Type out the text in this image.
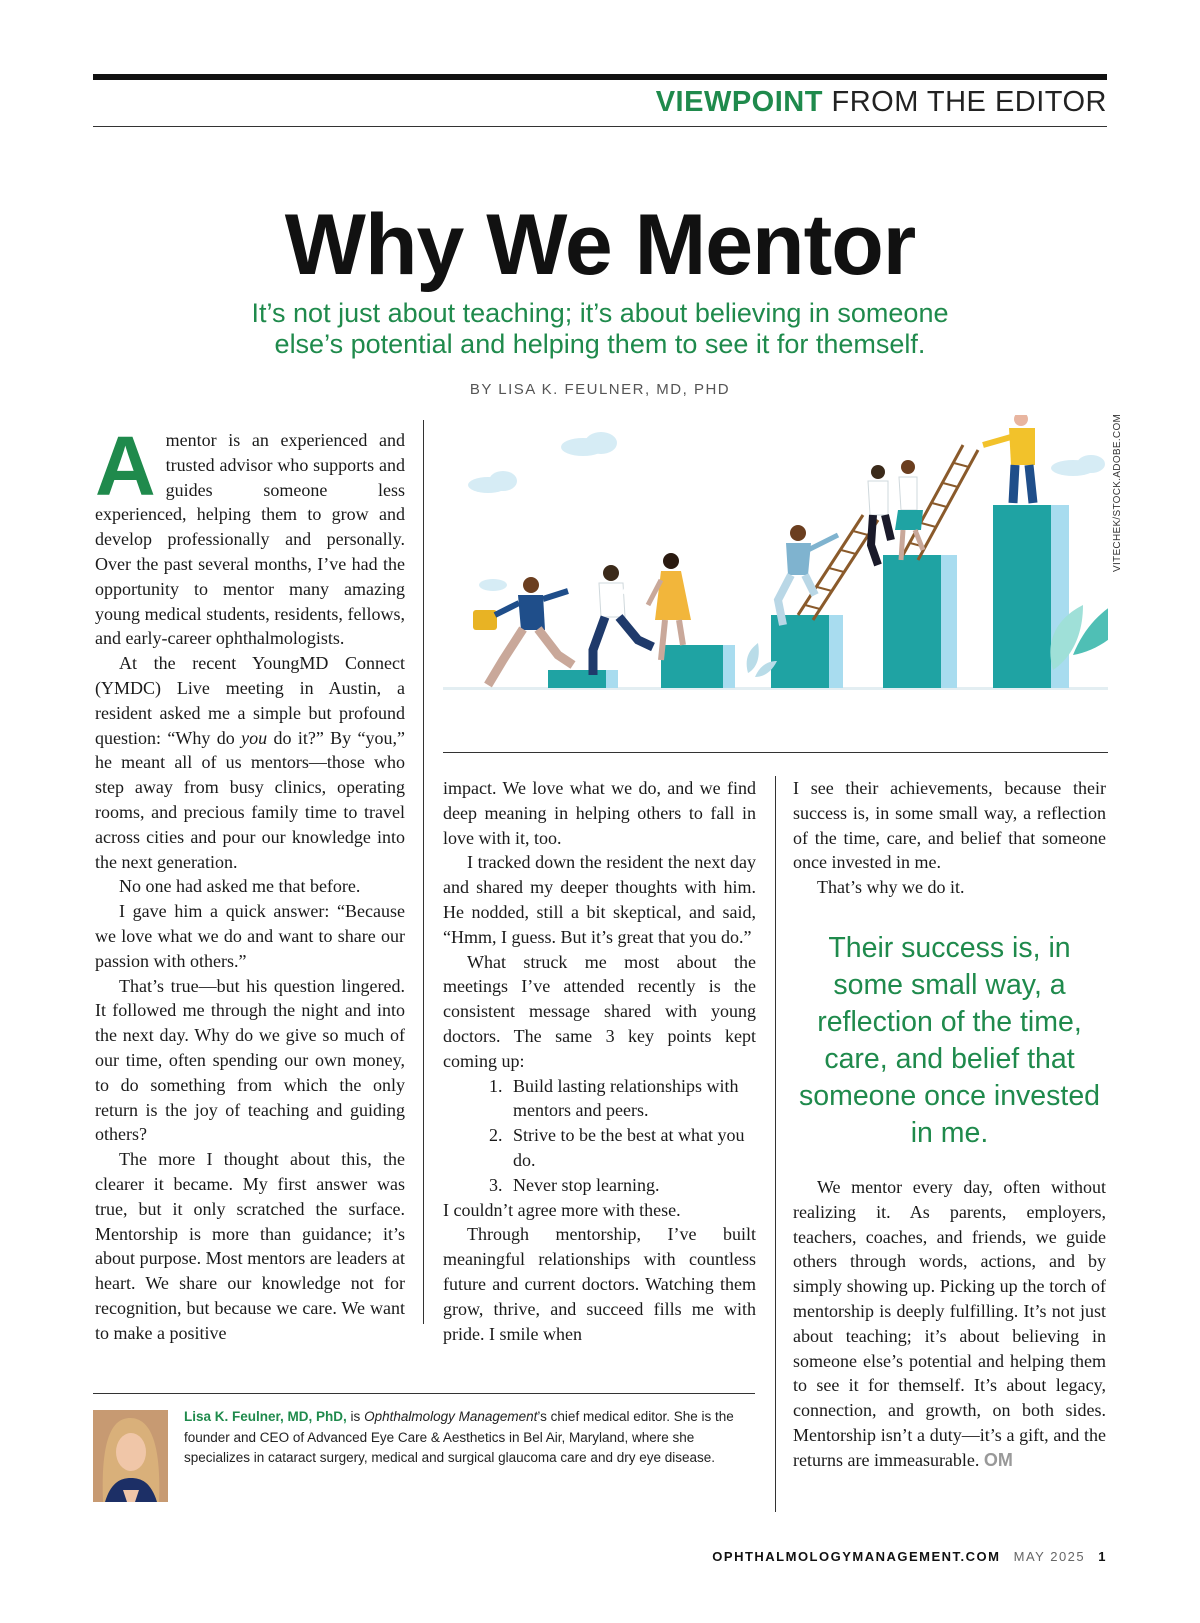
VIEWPOINT FROM THE EDITOR
Why We Mentor
It’s not just about teaching; it’s about believing in someone
else’s potential and helping them to see it for themself.
BY LISA K. FEULNER, MD, PHD

Amentor is an experienced and trusted advisor who supports and guides someone less experienced, helping them to grow and develop professionally and personally. Over the past several months, I’ve had the opportunity to mentor many amazing young medical students, residents, fellows, and early-career ophthalmologists.

At the recent YoungMD Connect (YMDC) Live meeting in Austin, a resident asked me a simple but profound question: “Why do you do it?” By “you,” he meant all of us mentors—those who step away from busy clinics, operating rooms, and precious family time to travel across cities and pour our knowledge into the next generation.

No one had asked me that before.

I gave him a quick answer: “Because we love what we do and want to share our passion with others.”

That’s true—but his question lingered. It followed me through the night and into the next day. Why do we give so much of our time, often spending our own money, to do something from which the only return is the joy of teaching and guiding others?

The more I thought about this, the clearer it became. My first answer was true, but it only scratched the surface. Mentorship is more than guidance; it’s about purpose. Most mentors are leaders at heart. We share our knowledge not for recognition, but because we care. We want to make a positive

VITECHEK/STOCK.ADOBE.COM

impact. We love what we do, and we find deep meaning in helping others to fall in love with it, too.

I tracked down the resident the next day and shared my deeper thoughts with him. He nodded, still a bit skeptical, and said, “Hmm, I guess. But it’s great that you do.”

What struck me most about the meetings I’ve attended recently is the consistent message shared with young doctors. The same 3 key points kept coming up:

1. Build lasting relationships with mentors and peers.
2. Strive to be the best at what you do.
3. Never stop learning.

I couldn’t agree more with these.

Through mentorship, I’ve built meaningful relationships with countless future and current doctors. Watching them grow, thrive, and succeed fills me with pride. I smile when

I see their achievements, because their success is, in some small way, a reflection of the time, care, and belief that someone once invested in me.

That’s why we do it.

Their success is, in some small way, a reflection of the time, care, and belief that someone once invested in me.

We mentor every day, often without realizing it. As parents, employers, teachers, coaches, and friends, we guide others through words, actions, and by simply showing up. Picking up the torch of mentorship is deeply fulfilling. It’s not just about teaching; it’s about believing in someone else’s potential and helping them to see it for themself. It’s about legacy, connection, and growth, on both sides. Mentorship isn’t a duty—it’s a gift, and the returns are immeasurable. OM

Lisa K. Feulner, MD, PhD, is Ophthalmology Management’s chief medical editor. She is the founder and CEO of Advanced Eye Care & Aesthetics in Bel Air, Maryland, where she specializes in cataract surgery, medical and surgical glaucoma care and dry eye disease.
OPHTHALMOLOGYMANAGEMENT.COM MAY 2025 1
